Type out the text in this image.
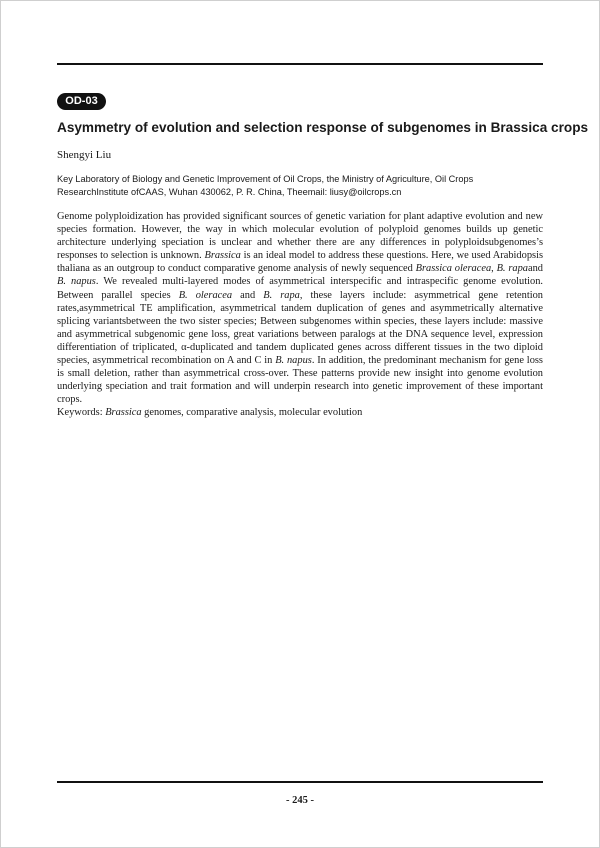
OD-03
Asymmetry of evolution and selection response of subgenomes in Brassica crops
Shengyi Liu
Key Laboratory of Biology and Genetic Improvement of Oil Crops, the Ministry of Agriculture, Oil Crops
ResearchInstitute ofCAAS, Wuhan 430062, P. R. China, Theemail: liusy@oilcrops.cn
Genome polyploidization has provided significant sources of genetic variation for plant adaptive evolution and new species formation. However, the way in which molecular evolution of polyploid genomes builds up genetic architecture underlying speciation is unclear and whether there are any differences in polyploidsubgenomes’s responses to selection is unknown. Brassica is an ideal model to address these questions. Here, we used Arabidopsis thaliana as an outgroup to conduct comparative genome analysis of newly sequenced Brassica oleracea, B. rapaand B. napus. We revealed multi-layered modes of asymmetrical interspecific and intraspecific genome evolution. Between parallel species B. oleracea and B. rapa, these layers include: asymmetrical gene retention rates,asymmetrical TE amplification, asymmetrical tandem duplication of genes and asymmetrically alternative splicing variantsbetween the two sister species; Between subgenomes within species, these layers include: massive and asymmetrical subgenomic gene loss, great variations between paralogs at the DNA sequence level, expression differentiation of triplicated, α-duplicated and tandem duplicated genes across different tissues in the two diploid species, asymmetrical recombination on A and C in B. napus. In addition, the predominant mechanism for gene loss is small deletion, rather than asymmetrical cross-over. These patterns provide new insight into genome evolution underlying speciation and trait formation and will underpin research into genetic improvement of these important crops.
Keywords: Brassica genomes, comparative analysis, molecular evolution
- 245 -
